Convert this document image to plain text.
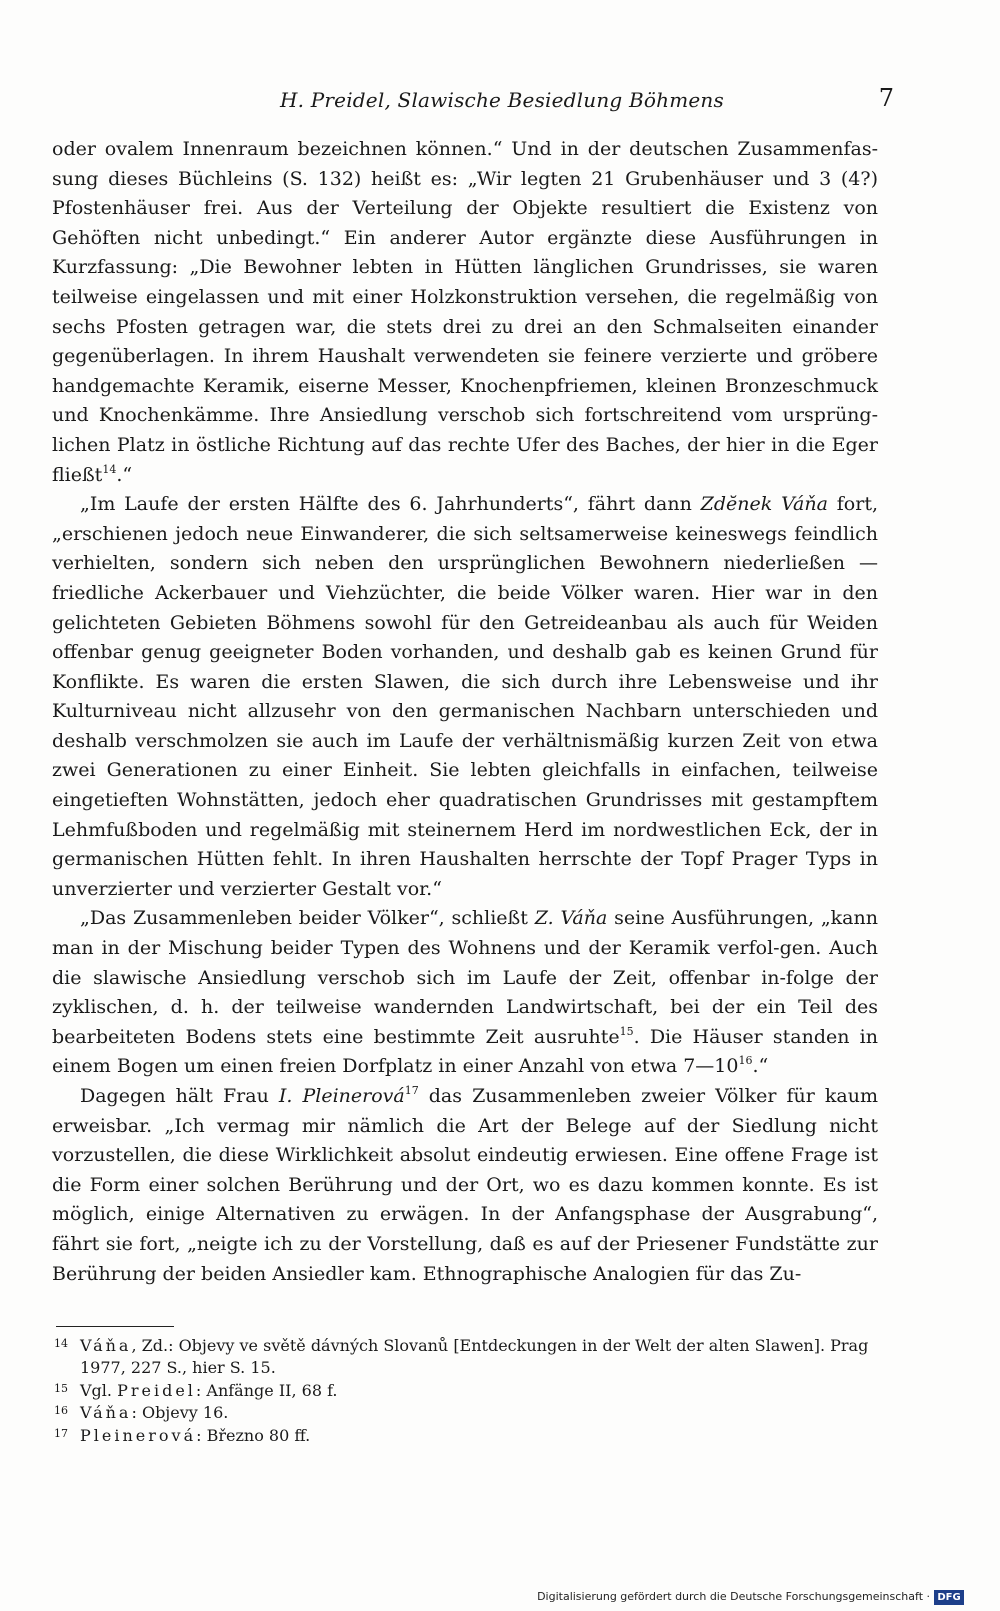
H. Preidel, Slawische Besiedlung Böhmens	7

oder ovalem Innenraum bezeichnen können.“ Und in der deutschen Zusammenfas-sung dieses Büchleins (S. 132) heißt es: „Wir legten 21 Grubenhäuser und 3 (4?) Pfostenhäuser frei. Aus der Verteilung der Objekte resultiert die Existenz von Gehöften nicht unbedingt.“ Ein anderer Autor ergänzte diese Ausführungen in Kurzfassung: „Die Bewohner lebten in Hütten länglichen Grundrisses, sie waren teilweise eingelassen und mit einer Holzkonstruktion versehen, die regelmäßig von sechs Pfosten getragen war, die stets drei zu drei an den Schmalseiten einander gegenüberlagen. In ihrem Haushalt verwendeten sie feinere verzierte und gröbere handgemachte Keramik, eiserne Messer, Knochenpfriemen, kleinen Bronzeschmuck und Knochenkämme. Ihre Ansiedlung verschob sich fortschreitend vom ursprüng-lichen Platz in östliche Richtung auf das rechte Ufer des Baches, der hier in die Eger fließt$^{14}$.“

„Im Laufe der ersten Hälfte des 6. Jahrhunderts“, fährt dann Zdĕnek Váňa fort, „erschienen jedoch neue Einwanderer, die sich seltsamerweise keineswegs feindlich verhielten, sondern sich neben den ursprünglichen Bewohnern niederließen — friedliche Ackerbauer und Viehzüchter, die beide Völker waren. Hier war in den gelichteten Gebieten Böhmens sowohl für den Getreideanbau als auch für Weiden offenbar genug geeigneter Boden vorhanden, und deshalb gab es keinen Grund für Konflikte. Es waren die ersten Slawen, die sich durch ihre Lebensweise und ihr Kulturniveau nicht allzusehr von den germanischen Nachbarn unterschieden und deshalb verschmolzen sie auch im Laufe der verhältnismäßig kurzen Zeit von etwa zwei Generationen zu einer Einheit. Sie lebten gleichfalls in einfachen, teilweise eingetieften Wohnstätten, jedoch eher quadratischen Grundrisses mit gestampftem Lehmfußboden und regelmäßig mit steinernem Herd im nordwestlichen Eck, der in germanischen Hütten fehlt. In ihren Haushalten herrschte der Topf Prager Typs in unverzierter und verzierter Gestalt vor.“

„Das Zusammenleben beider Völker“, schließt Z. Váňa seine Ausführungen, „kann man in der Mischung beider Typen des Wohnens und der Keramik verfol-gen. Auch die slawische Ansiedlung verschob sich im Laufe der Zeit, offenbar in-folge der zyklischen, d. h. der teilweise wandernden Landwirtschaft, bei der ein Teil des bearbeiteten Bodens stets eine bestimmte Zeit ausruhte$^{15}$. Die Häuser standen in einem Bogen um einen freien Dorfplatz in einer Anzahl von etwa $7—10^{16}.“$

Dagegen hält Frau I. Pleinerová$^{17}$ das Zusammenleben zweier Völker für kaum erweisbar. „Ich vermag mir nämlich die Art der Belege auf der Siedlung nicht vorzustellen, die diese Wirklichkeit absolut eindeutig erwiesen. Eine offene Frage ist die Form einer solchen Berührung und der Ort, wo es dazu kommen konnte. Es ist möglich, einige Alternativen zu erwägen. In der Anfangsphase der Ausgrabung“, fährt sie fort, „neigte ich zu der Vorstellung, daß es auf der Priesener Fundstätte zur Berührung der beiden Ansiedler kam. Ethnographische Analogien für das Zu-

14 Váňa, Zd.: Objevy ve světě dávných Slovanů [Entdeckungen in der Welt der alten Slawen]. Prag 1977, 227 S., hier S. 15.

15 Vgl. Preidel: Anfänge II, 68 f.

16 Váňa: Objevy 16.

17 Pleinerová: Březno 80 ff.

Digitalisierung gefördert durch die Deutsche Forschungsgemeinschaft · DFG
